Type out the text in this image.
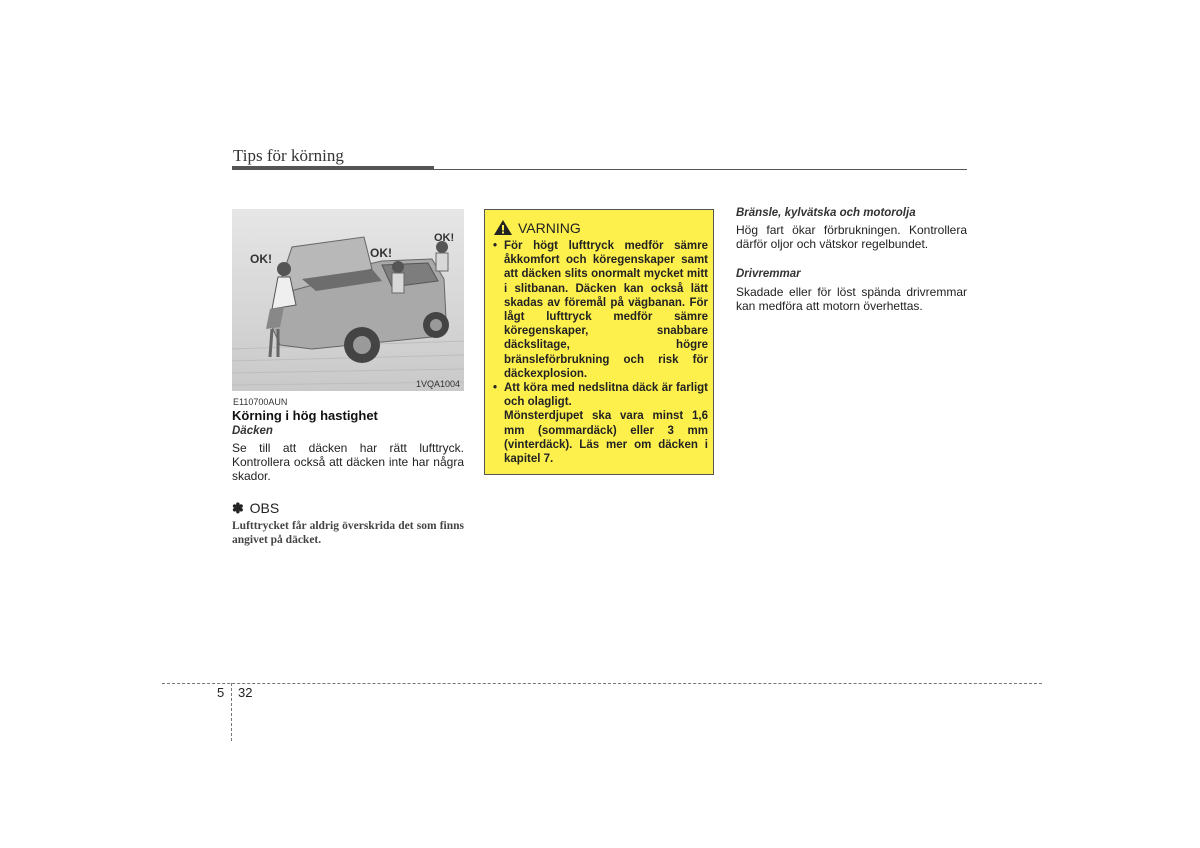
Tips för körning
OK!	OK!
OK!
1VQA1004
E110700AUN
Körning i hög hastighet
Däcken
Se till att däcken har rätt lufttryck. Kontrollera också att däcken inte har några skador.
✽ OBS
Lufttrycket får aldrig överskrida det som finns angivet på däcket.
VARNING
• För högt lufttryck medför sämre åkkomfort och köregenskaper samt att däcken slits onormalt mycket mitt i slitbanan. Däcken kan också lätt skadas av föremål på vägbanan. För lågt lufttryck medför sämre köregenskaper, snabbare däckslitage, högre bränsleförbrukning och risk för däckexplosion.
• Att köra med nedslitna däck är farligt och olagligt.
Mönsterdjupet ska vara minst 1,6 mm (sommardäck) eller 3 mm (vinterdäck). Läs mer om däcken i kapitel 7.
Bränsle, kylvätska och motorolja
Hög fart ökar förbrukningen. Kontrollera därför oljor och vätskor regelbundet.
Drivremmar
Skadade eller för löst spända drivremmar kan medföra att motorn överhettas.
5 32
